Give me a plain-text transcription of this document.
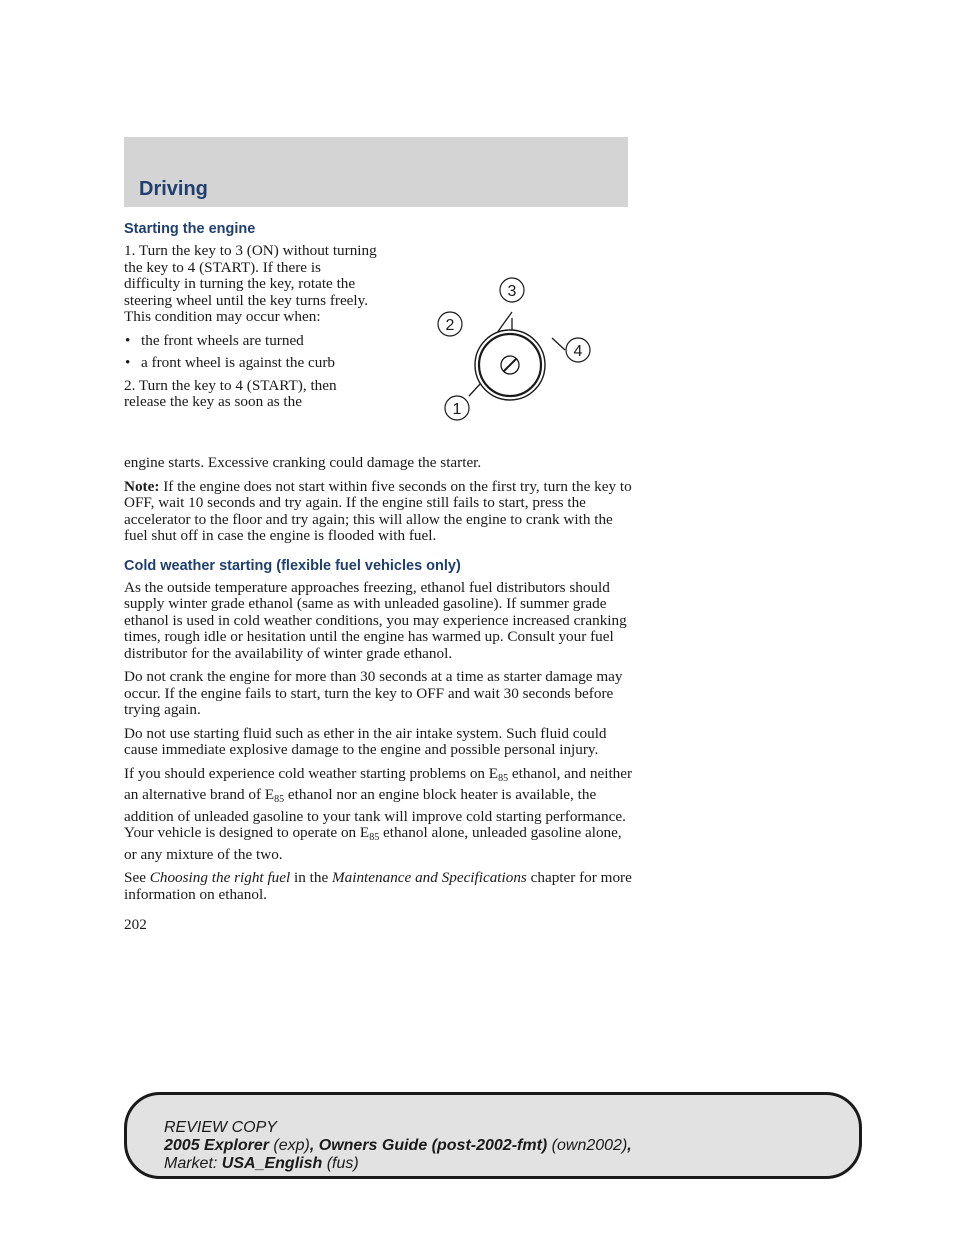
Driving
Starting the engine

1. Turn the key to 3 (ON) without turning the key to 4 (START). If there is difficulty in turning the key, rotate the steering wheel until the key turns freely. This condition may occur when:

• the front wheels are turned
• a front wheel is against the curb
2. Turn the key to 4 (START), then release the key as soon as the
3
2
4
1

engine starts. Excessive cranking could damage the starter.

Note: If the engine does not start within five seconds on the first try, turn the key to OFF, wait 10 seconds and try again. If the engine still fails to start, press the accelerator to the floor and try again; this will allow the engine to crank with the fuel shut off in case the engine is flooded with fuel.

Cold weather starting (flexible fuel vehicles only)

As the outside temperature approaches freezing, ethanol fuel distributors should supply winter grade ethanol (same as with unleaded gasoline). If summer grade ethanol is used in cold weather conditions, you may experience increased cranking times, rough idle or hesitation until the engine has warmed up. Consult your fuel distributor for the availability of winter grade ethanol.

Do not crank the engine for more than 30 seconds at a time as starter damage may occur. If the engine fails to start, turn the key to OFF and wait 30 seconds before trying again.

Do not use starting fluid such as ether in the air intake system. Such fluid could cause immediate explosive damage to the engine and possible personal injury.

If you should experience cold weather starting problems on $E_{85}$ ethanol, and neither an alternative brand of $E_{85}$ ethanol nor an engine block heater is available, the addition of unleaded gasoline to your tank will improve cold starting performance. Your vehicle is designed to operate on $E_{85}$ ethanol alone, unleaded gasoline alone, or any mixture of the two.

See Choosing the right fuel in the Maintenance and Specifications chapter for more information on ethanol.

202
REVIEW COPY
2005 Explorer (exp), Owners Guide (post-2002-fmt) (own2002),
Market: USA_English (fus)
